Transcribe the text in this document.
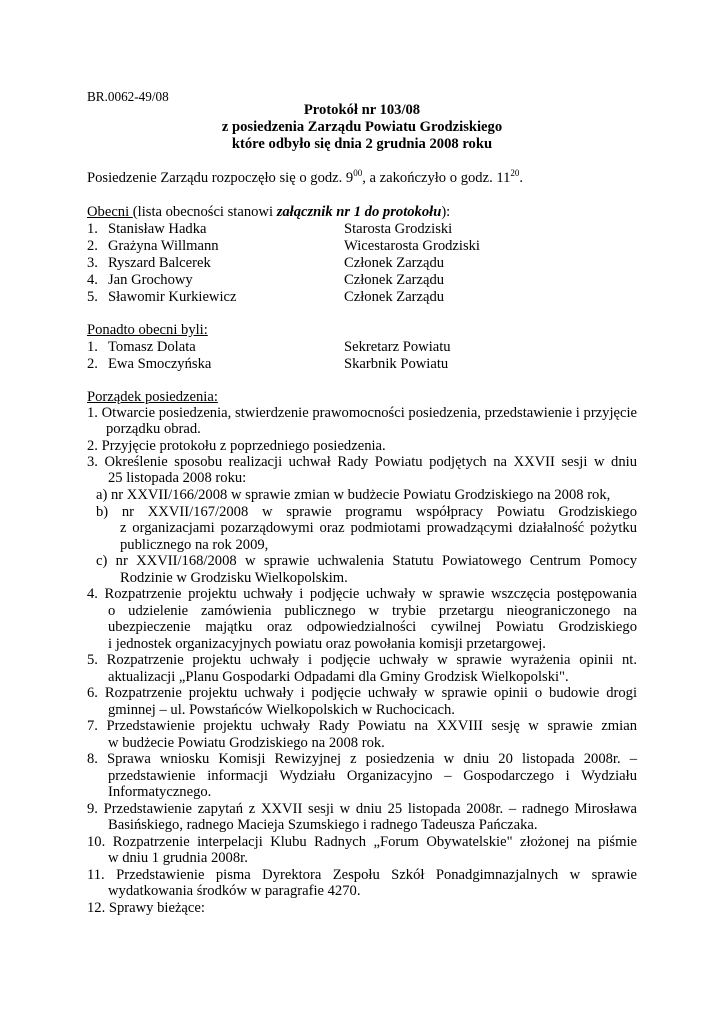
BR.0062-49/08
Protokół nr 103/08
z posiedzenia Zarządu Powiatu Grodziskiego
które odbyło się dnia 2 grudnia 2008 roku
Posiedzenie Zarządu rozpoczęło się o godz. $9^{00}$, a zakończyło o godz. $11^{20}$.
Obecni (lista obecności stanowi załącznik nr 1 do protokołu):
1. Stanisław Hadka	Starosta Grodziski
2. Grażyna Willmann	Wicestarosta Grodziski
3. Ryszard Balcerek	Członek Zarządu
4. Jan Grochowy	Członek Zarządu
5. Sławomir Kurkiewicz	Członek Zarządu
Ponadto obecni byli:
1. Tomasz Dolata	Sekretarz Powiatu
2. Ewa Smoczyńska	Skarbnik Powiatu
Porządek posiedzenia:
1. Otwarcie posiedzenia, stwierdzenie prawomocności posiedzenia, przedstawienie i przyjęcie
porządku obrad.
2. Przyjęcie protokołu z poprzedniego posiedzenia.
3. Określenie sposobu realizacji uchwał Rady Powiatu podjętych na XXVII sesji w dniu
25 listopada 2008 roku:
a) nr XXVII/166/2008 w sprawie zmian w budżecie Powiatu Grodziskiego na 2008 rok,
b) nr XXVII/167/2008 w sprawie programu współpracy Powiatu Grodziskiego
z organizacjami pozarządowymi oraz podmiotami prowadzącymi działalność pożytku
publicznego na rok 2009,
c) nr XXVII/168/2008 w sprawie uchwalenia Statutu Powiatowego Centrum Pomocy
Rodzinie w Grodzisku Wielkopolskim.
4. Rozpatrzenie projektu uchwały i podjęcie uchwały w sprawie wszczęcia postępowania
o udzielenie zamówienia publicznego w trybie przetargu nieograniczonego na
ubezpieczenie majątku oraz odpowiedzialności cywilnej Powiatu Grodziskiego
i jednostek organizacyjnych powiatu oraz powołania komisji przetargowej.
5. Rozpatrzenie projektu uchwały i podjęcie uchwały w sprawie wyrażenia opinii nt.
aktualizacji „Planu Gospodarki Odpadami dla Gminy Grodzisk Wielkopolski".
6. Rozpatrzenie projektu uchwały i podjęcie uchwały w sprawie opinii o budowie drogi
gminnej – ul. Powstańców Wielkopolskich w Ruchocicach.
7. Przedstawienie projektu uchwały Rady Powiatu na XXVIII sesję w sprawie zmian
w budżecie Powiatu Grodziskiego na 2008 rok.
8. Sprawa wniosku Komisji Rewizyjnej z posiedzenia w dniu 20 listopada 2008r. –
przedstawienie informacji Wydziału Organizacyjno – Gospodarczego i Wydziału
Informatycznego.
9. Przedstawienie zapytań z XXVII sesji w dniu 25 listopada 2008r. – radnego Mirosława
Basińskiego, radnego Macieja Szumskiego i radnego Tadeusza Pańczaka.
10. Rozpatrzenie interpelacji Klubu Radnych „Forum Obywatelskie" złożonej na piśmie
w dniu 1 grudnia 2008r.
11. Przedstawienie pisma Dyrektora Zespołu Szkół Ponadgimnazjalnych w sprawie
wydatkowania środków w paragrafie 4270.
12. Sprawy bieżące:
